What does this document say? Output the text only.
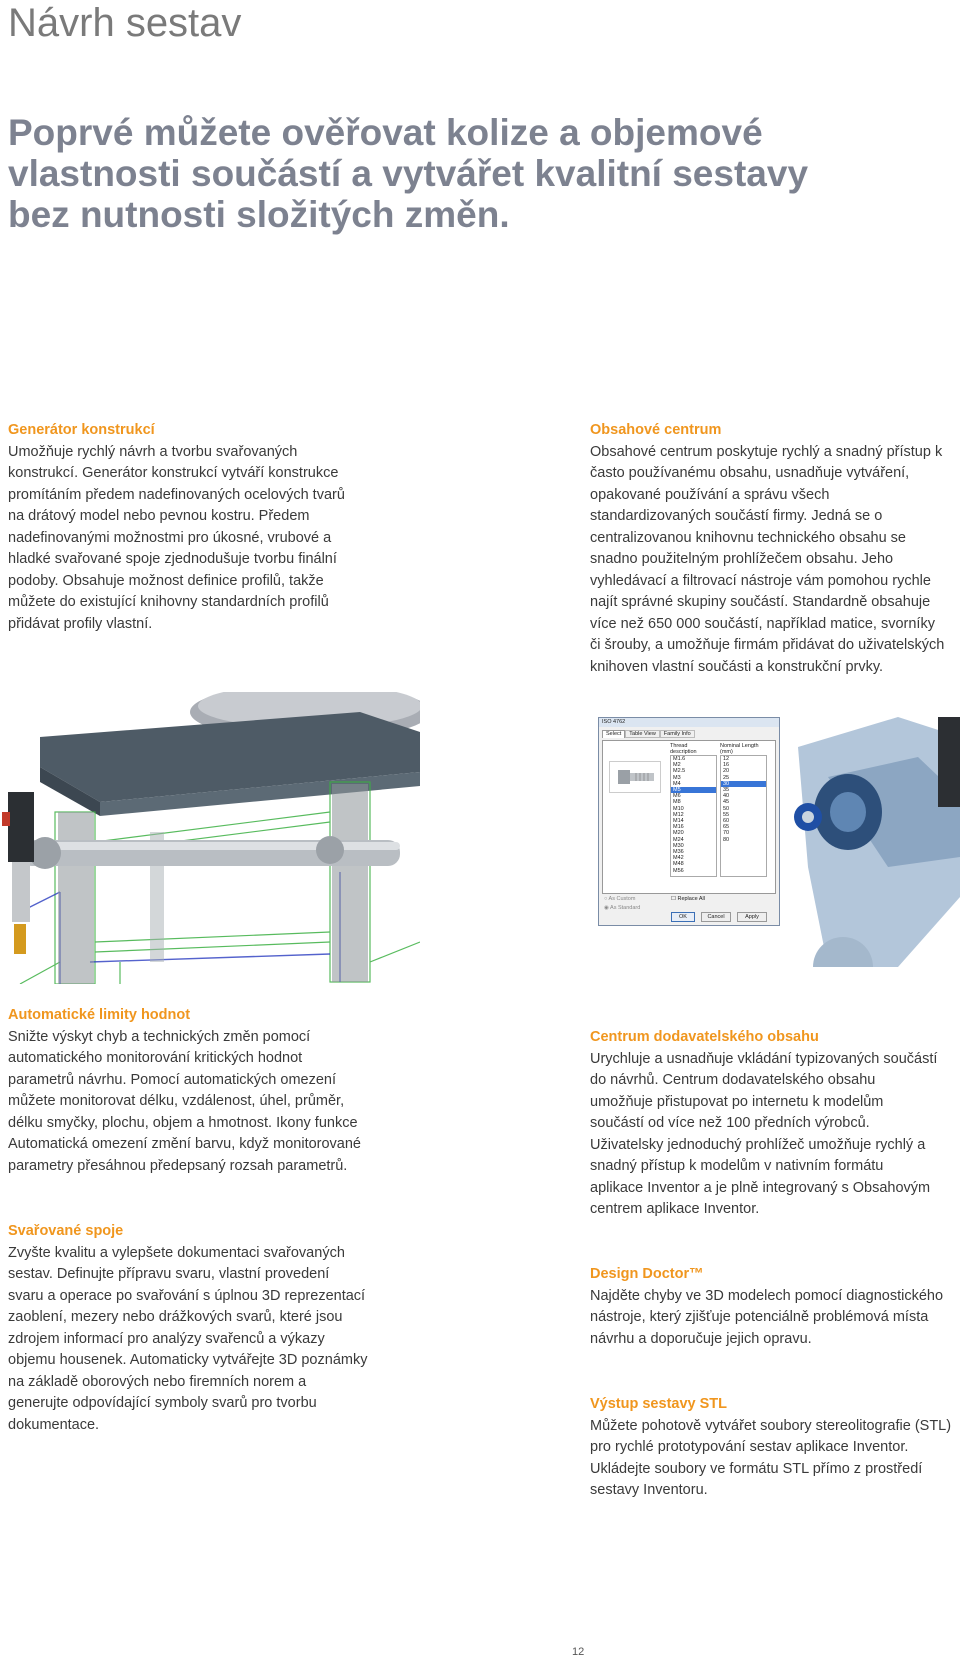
Návrh sestav
Poprvé můžete ověřovat kolize a objemové vlastnosti součástí a vytvářet kvalitní sestavy bez nutnosti složitých změn.
Generátor konstrukcí

Umožňuje rychlý návrh a tvorbu svařovaných konstrukcí. Generátor konstrukcí vytváří konstrukce promítáním předem nadefinovaných ocelových tvarů na drátový model nebo pevnou kostru. Předem nadefinovanými možnostmi pro úkosné, vrubové a hladké svařované spoje zjednodušuje tvorbu finální podoby. Obsahuje možnost definice profilů, takže můžete do existující knihovny standardních profilů přidávat profily vlastní.

Obsahové centrum

Obsahové centrum poskytuje rychlý a snadný přístup k často používanému obsahu, usnadňuje vytváření, opakované používání a správu všech standardizovaných součástí firmy. Jedná se o centralizovanou knihovnu technického obsahu se snadno použitelným prohlížečem obsahu. Jeho vyhledávací a filtrovací nástroje vám pomohou rychle najít správné skupiny součástí. Standardně obsahuje více než 650 000 součástí, například matice, svorníky či šrouby, a umožňuje firmám přidávat do uživatelských knihoven vlastní součásti a konstrukční prvky.

ISO 4762
Select	Table View	Family Info
Thread description
Nominal Length (mm)
M1.6
M2
M2.5
M3
M4
M5
M6
M8
M10
M12
M14
M16
M20
M24
M30
M36
M42
M48
M56
12
16
20
25
30
35
40
45
50
55
60
65
70
80
○ As Custom
◉ As Standard
☐ Replace All
OK	Cancel	Apply
Automatické limity hodnot

Snižte výskyt chyb a technických změn pomocí automatického monitorování kritických hodnot parametrů návrhu. Pomocí automatických omezení můžete monitorovat délku, vzdálenost, úhel, průměr, délku smyčky, plochu, objem a hmotnost. Ikony funkce Automatická omezení změní barvu, když monitorované parametry přesáhnou předepsaný rozsah parametrů.

Svařované spoje

Zvyšte kvalitu a vylepšete dokumentaci svařovaných sestav. Definujte přípravu svaru, vlastní provedení svaru a operace po svařování s úplnou 3D reprezentací zaoblení, mezery nebo drážkových svarů, které jsou zdrojem informací pro analýzy svařenců a výkazy objemu housenek. Automaticky vytvářejte 3D poznámky na základě oborových nebo firemních norem a generujte odpovídající symboly svarů pro tvorbu dokumentace.

Centrum dodavatelského obsahu

Urychluje a usnadňuje vkládání typizovaných součástí do návrhů. Centrum dodavatelského obsahu umožňuje přistupovat po internetu k modelům součástí od více než 100 předních výrobců. Uživatelsky jednoduchý prohlížeč umožňuje rychlý a snadný přístup k modelům v nativním formátu aplikace Inventor a je plně integrovaný s Obsahovým centrem aplikace Inventor.

Design Doctor™

Najděte chyby ve 3D modelech pomocí diagnostického nástroje, který zjišťuje potenciálně problémová místa návrhu a doporučuje jejich opravu.

Výstup sestavy STL

Můžete pohotově vytvářet soubory stereolitografie (STL) pro rychlé prototypování sestav aplikace Inventor. Ukládejte soubory ve formátu STL přímo z prostředí sestavy Inventoru.

12
